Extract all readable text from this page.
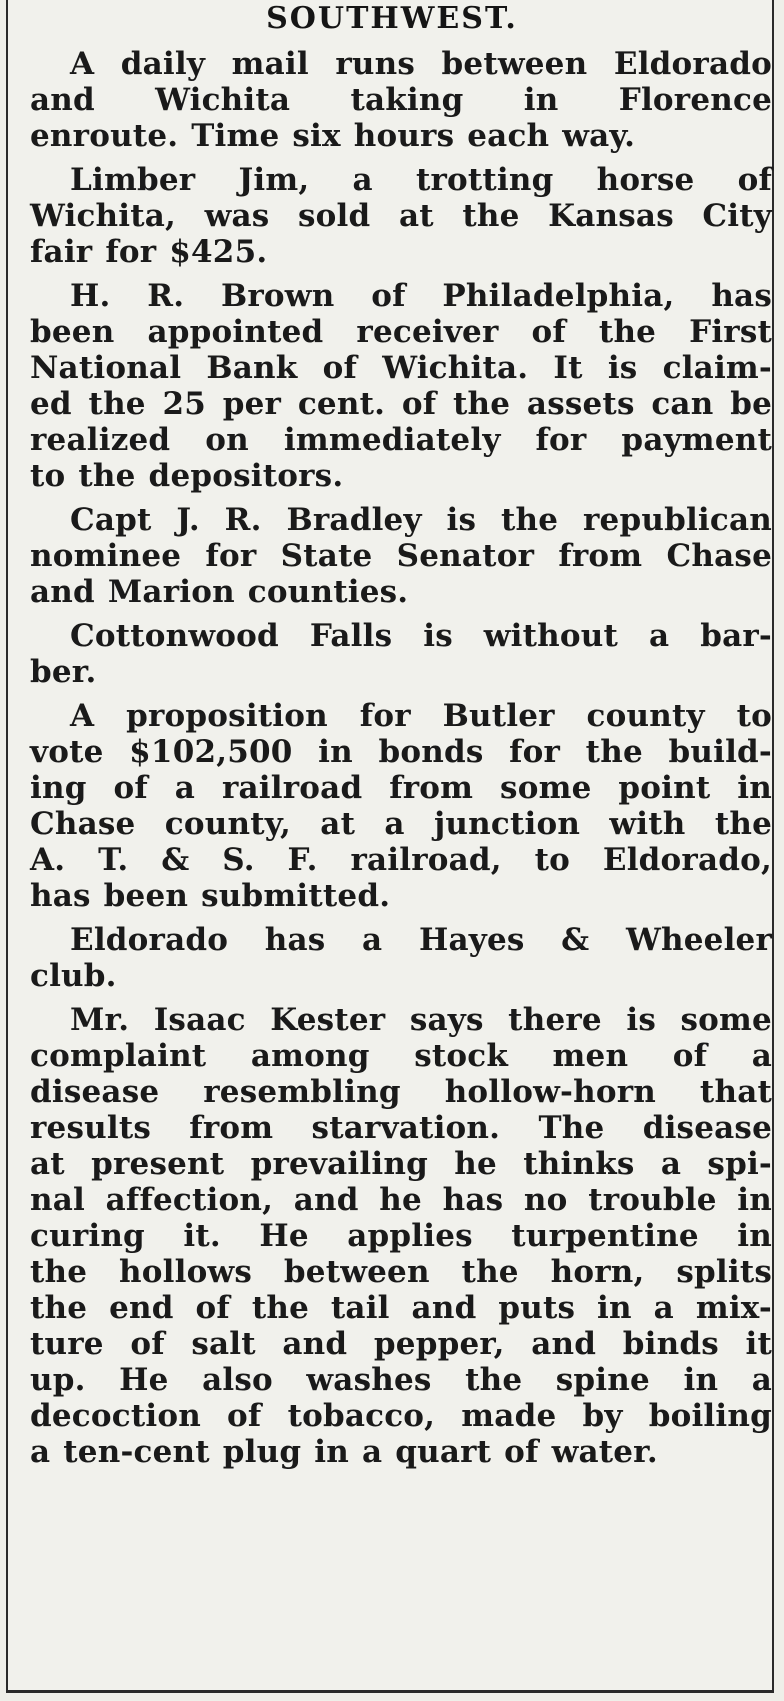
SOUTHWEST.
A daily mail runs between Eldorado
and Wichita taking in Florence
enroute. Time six hours each way.
Limber Jim, a trotting horse of
Wichita, was sold at the Kansas City
fair for $425.
H. R. Brown of Philadelphia, has
been appointed receiver of the First
National Bank of Wichita. It is claim-
ed the 25 per cent. of the assets can be
realized on immediately for payment
to the depositors.
Capt J. R. Bradley is the republican
nominee for State Senator from Chase
and Marion counties.
Cottonwood Falls is without a bar-
ber.
A proposition for Butler county to
vote $102,500 in bonds for the build-
ing of a railroad from some point in
Chase county, at a junction with the
A. T. & S. F. railroad, to Eldorado,
has been submitted.
Eldorado has a Hayes & Wheeler
club.
Mr. Isaac Kester says there is some
complaint among stock men of a
disease resembling hollow-horn that
results from starvation. The disease
at present prevailing he thinks a spi-
nal affection, and he has no trouble in
curing it. He applies turpentine in
the hollows between the horn, splits
the end of the tail and puts in a mix-
ture of salt and pepper, and binds it
up. He also washes the spine in a
decoction of tobacco, made by boiling
a ten-cent plug in a quart of water.
